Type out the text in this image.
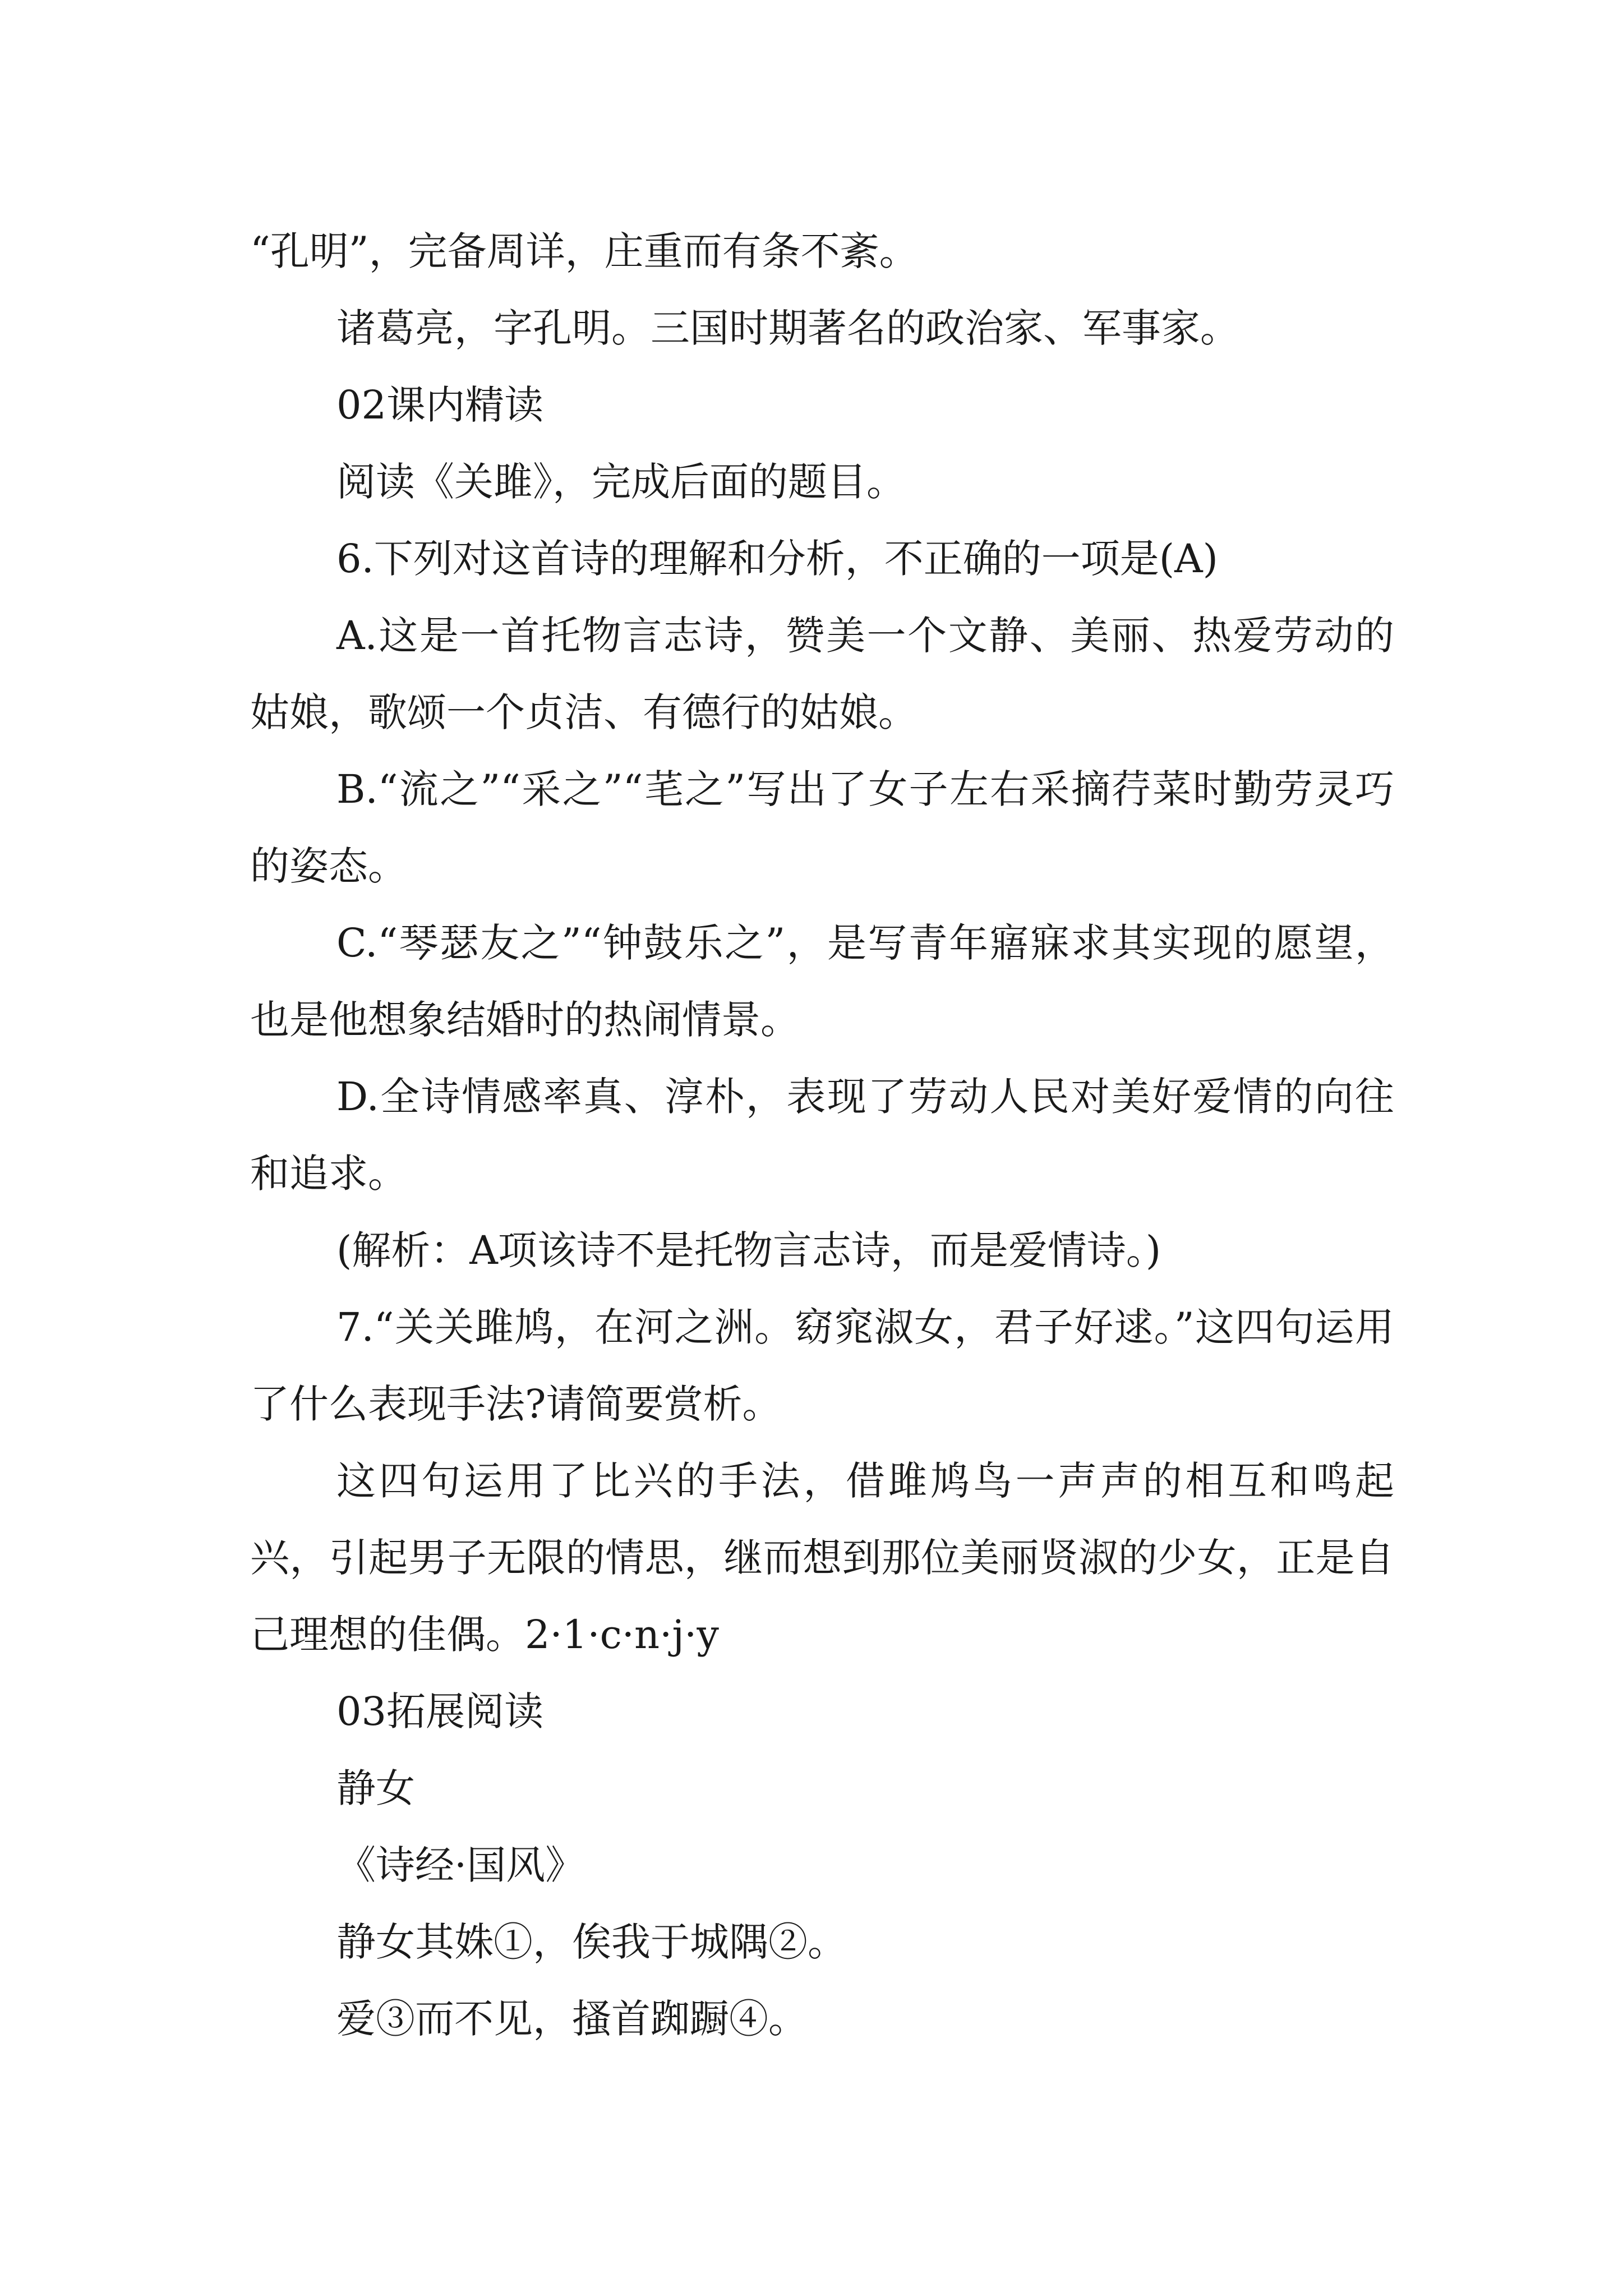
“孔明”，完备周详，庄重而有条不紊。

诸葛亮，字孔明。三国时期著名的政治家、军事家。

02课内精读

阅读《关雎》，完成后面的题目。

6.下列对这首诗的理解和分析，不正确的一项是(A)

A.这是一首托物言志诗，赞美一个文静、美丽、热爱劳动的姑娘，歌颂一个贞洁、有德行的姑娘。

B.“流之”“采之”“芼之”写出了女子左右采摘荇菜时勤劳灵巧的姿态。

C.“琴瑟友之”“钟鼓乐之”，是写青年寤寐求其实现的愿望，也是他想象结婚时的热闹情景。

D.全诗情感率真、淳朴，表现了劳动人民对美好爱情的向往和追求。

(解析：A项该诗不是托物言志诗，而是爱情诗。)

7.“关关雎鸠，在河之洲。窈窕淑女，君子好逑。”这四句运用了什么表现手法?请简要赏析。

这四句运用了比兴的手法，借雎鸠鸟一声声的相互和鸣起兴，引起男子无限的情思，继而想到那位美丽贤淑的少女，正是自己理想的佳偶。2·1·c·n·j·y

03拓展阅读

静女

《诗经·国风》

静女其姝①，俟我于城隅②。

爱③而不见，搔首踟蹰④。
